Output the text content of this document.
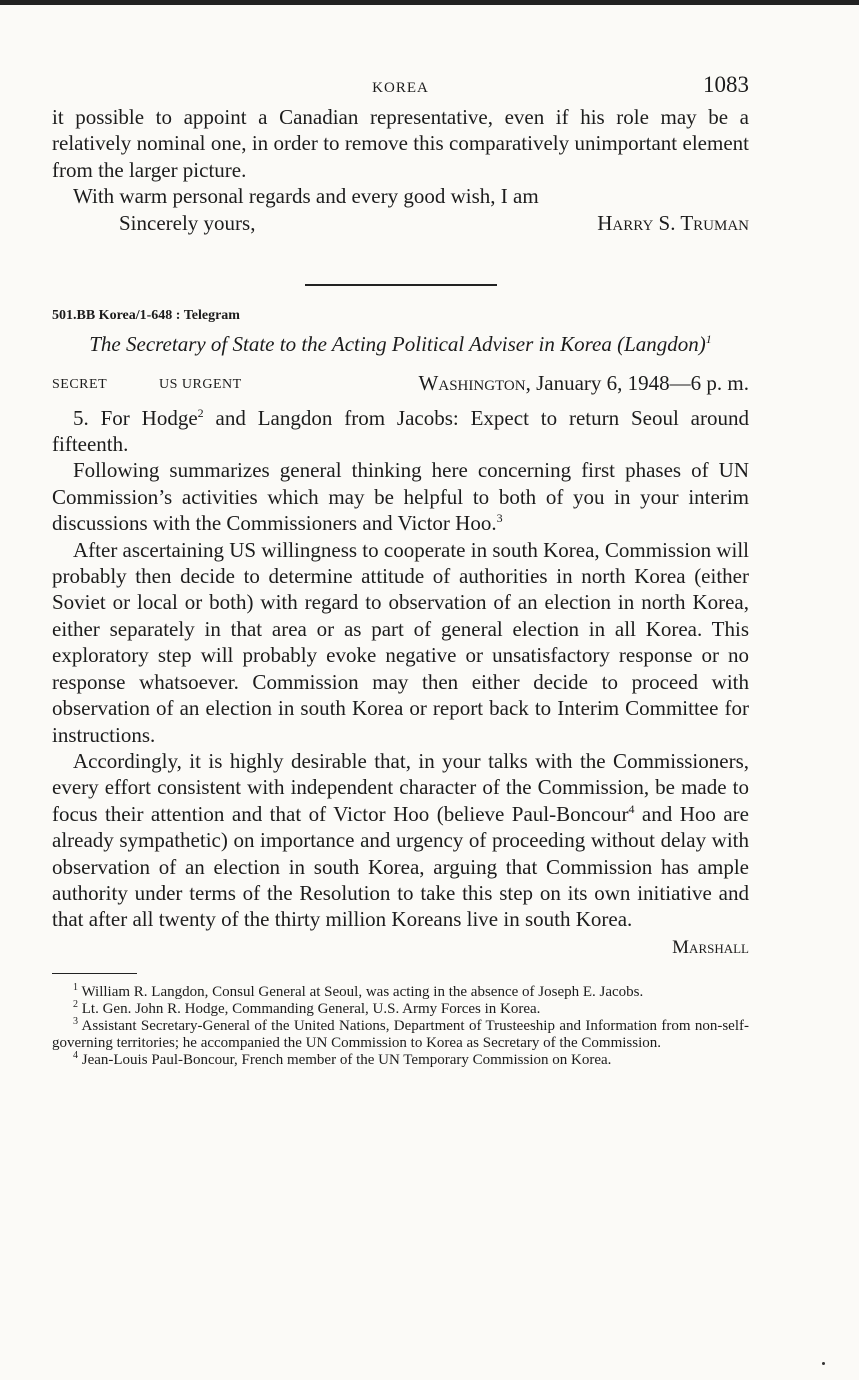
KOREA	1083

it possible to appoint a Canadian representative, even if his role may be a relatively nominal one, in order to remove this comparatively unimportant element from the larger picture.

With warm personal regards and every good wish, I am

Sincerely yours,	Harry S. Truman
501.BB Korea/1-648 : Telegram
The Secretary of State to the Acting Political Adviser in Korea (Langdon)$^1$
SECRET	US URGENT	Washington, January 6, 1948—6 p. m.

5. For Hodge$^2$ and Langdon from Jacobs: Expect to return Seoul around fifteenth.

Following summarizes general thinking here concerning first phases of UN Commission’s activities which may be helpful to both of you in your interim discussions with the Commissioners and Victor Hoo.$^3$

After ascertaining US willingness to cooperate in south Korea, Commission will probably then decide to determine attitude of authorities in north Korea (either Soviet or local or both) with regard to observation of an election in north Korea, either separately in that area or as part of general election in all Korea. This exploratory step will probably evoke negative or unsatisfactory response or no response whatsoever. Commission may then either decide to proceed with observation of an election in south Korea or report back to Interim Committee for instructions.

Accordingly, it is highly desirable that, in your talks with the Commissioners, every effort consistent with independent character of the Commission, be made to focus their attention and that of Victor Hoo (believe Paul-Boncour$^4$ and Hoo are already sympathetic) on importance and urgency of proceeding without delay with observation of an election in south Korea, arguing that Commission has ample authority under terms of the Resolution to take this step on its own initiative and that after all twenty of the thirty million Koreans live in south Korea.

Marshall

$^1$ William R. Langdon, Consul General at Seoul, was acting in the absence of Joseph E. Jacobs.

$^2$ Lt. Gen. John R. Hodge, Commanding General, U.S. Army Forces in Korea.

$^3$ Assistant Secretary-General of the United Nations, Department of Trusteeship and Information from non-self-governing territories; he accompanied the UN Commission to Korea as Secretary of the Commission.

$^4$ Jean-Louis Paul-Boncour, French member of the UN Temporary Commission on Korea.
